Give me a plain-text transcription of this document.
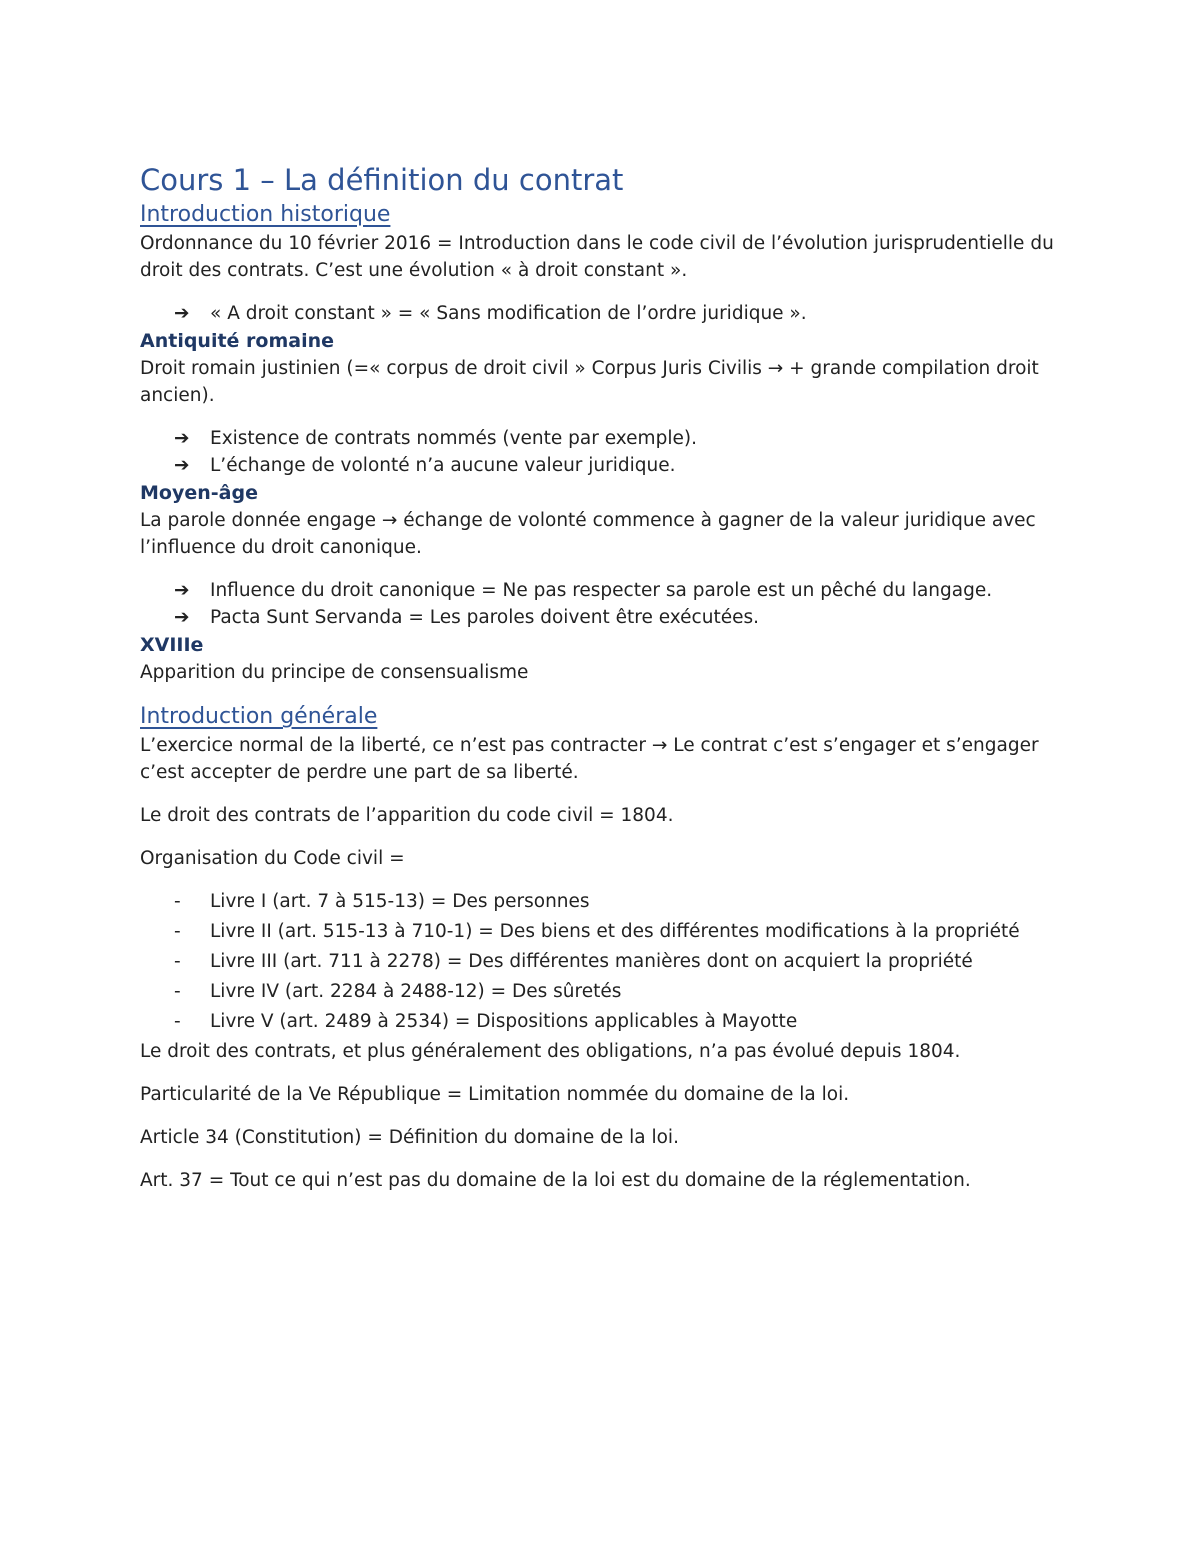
Cours 1 – La définition du contrat
Introduction historique

Ordonnance du 10 février 2016 = Introduction dans le code civil de l’évolution jurisprudentielle du droit des contrats. C’est une évolution « à droit constant ».

➔	« A droit constant » = « Sans modification de l’ordre juridique ».
Antiquité romaine

Droit romain justinien (=« corpus de droit civil » Corpus Juris Civilis → + grande compilation droit ancien).

➔	Existence de contrats nommés (vente par exemple).
➔	L’échange de volonté n’a aucune valeur juridique.
Moyen-âge

La parole donnée engage → échange de volonté commence à gagner de la valeur juridique avec l’influence du droit canonique.

➔	Influence du droit canonique = Ne pas respecter sa parole est un pêché du langage.
➔	Pacta Sunt Servanda = Les paroles doivent être exécutées.
XVIIIe

Apparition du principe de consensualisme

Introduction générale

L’exercice normal de la liberté, ce n’est pas contracter → Le contrat c’est s’engager et s’engager c’est accepter de perdre une part de sa liberté.

Le droit des contrats de l’apparition du code civil = 1804.

Organisation du Code civil =

-	Livre I (art. 7 à 515-13) = Des personnes
-	Livre II (art. 515-13 à 710-1) = Des biens et des différentes modifications à la propriété
-	Livre III (art. 711 à 2278) = Des différentes manières dont on acquiert la propriété
-	Livre IV (art. 2284 à 2488-12) = Des sûretés
-	Livre V (art. 2489 à 2534) = Dispositions applicables à Mayotte

Le droit des contrats, et plus généralement des obligations, n’a pas évolué depuis 1804.

Particularité de la Ve République = Limitation nommée du domaine de la loi.

Article 34 (Constitution) = Définition du domaine de la loi.

Art. 37 = Tout ce qui n’est pas du domaine de la loi est du domaine de la réglementation.
